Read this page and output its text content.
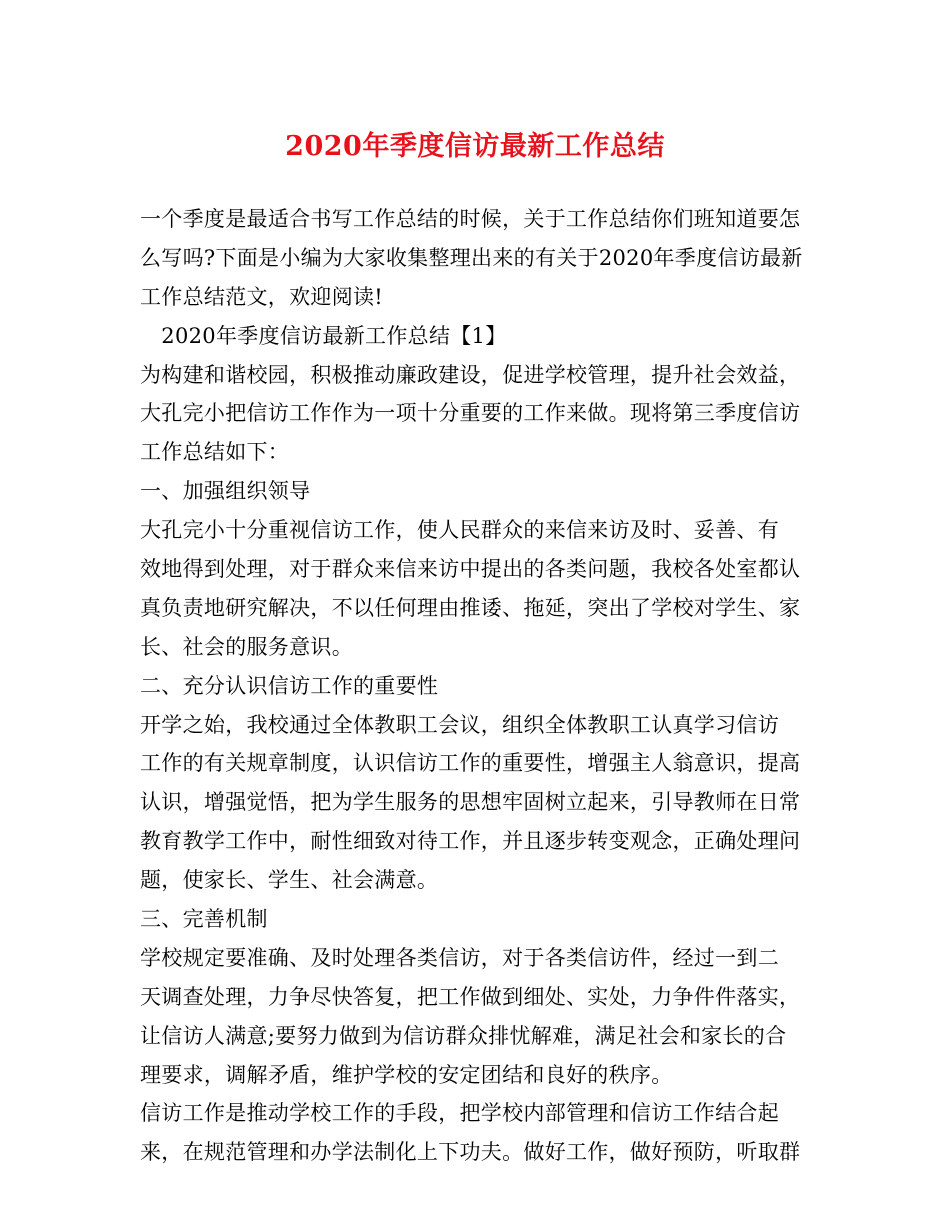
2020年季度信访最新工作总结
一个季度是最适合书写工作总结的时候，关于工作总结你们班知道要怎
么写吗?下面是小编为大家收集整理出来的有关于2020年季度信访最新
工作总结范文，欢迎阅读!
　2020年季度信访最新工作总结【1】
为构建和谐校园，积极推动廉政建设，促进学校管理，提升社会效益，
大孔完小把信访工作作为一项十分重要的工作来做。现将第三季度信访
工作总结如下：
一、加强组织领导
大孔完小十分重视信访工作，使人民群众的来信来访及时、妥善、有
效地得到处理，对于群众来信来访中提出的各类问题，我校各处室都认
真负责地研究解决，不以任何理由推诿、拖延，突出了学校对学生、家
长、社会的服务意识。
二、充分认识信访工作的重要性
开学之始，我校通过全体教职工会议，组织全体教职工认真学习信访
工作的有关规章制度，认识信访工作的重要性，增强主人翁意识，提高
认识，增强觉悟，把为学生服务的思想牢固树立起来，引导教师在日常
教育教学工作中，耐性细致对待工作，并且逐步转变观念，正确处理问
题，使家长、学生、社会满意。
三、完善机制
学校规定要准确、及时处理各类信访，对于各类信访件，经过一到二
天调查处理，力争尽快答复，把工作做到细处、实处，力争件件落实，
让信访人满意;要努力做到为信访群众排忧解难，满足社会和家长的合
理要求，调解矛盾，维护学校的安定团结和良好的秩序。
信访工作是推动学校工作的手段，把学校内部管理和信访工作结合起
来，在规范管理和办学法制化上下功夫。做好工作，做好预防，听取群
